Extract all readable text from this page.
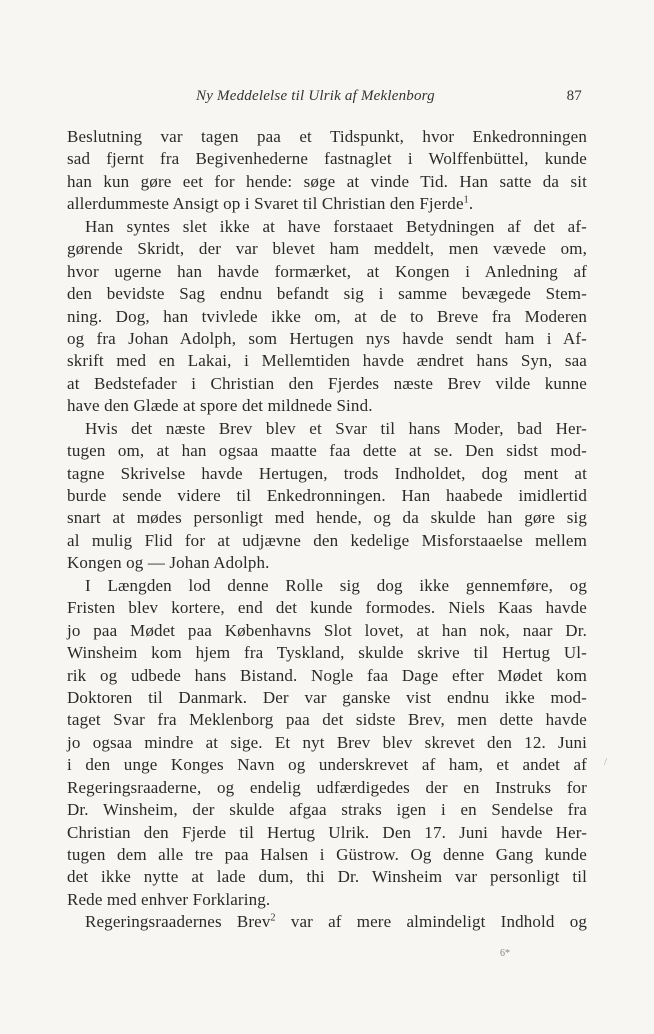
Ny Meddelelse til Ulrik af Meklenborg	87
Beslutning var tagen paa et Tidspunkt, hvor Enkedronningen
sad fjernt fra Begivenhederne fastnaglet i Wolffenbüttel, kunde
han kun gøre eet for hende: søge at vinde Tid. Han satte da sit
allerdummeste Ansigt op i Svaret til Christian den Fjerde$^1$.
Han syntes slet ikke at have forstaaet Betydningen af det af-
gørende Skridt, der var blevet ham meddelt, men vævede om,
hvor ugerne han havde formærket, at Kongen i Anledning af
den bevidste Sag endnu befandt sig i samme bevægede Stem-
ning. Dog, han tvivlede ikke om, at de to Breve fra Moderen
og fra Johan Adolph, som Hertugen nys havde sendt ham i Af-
skrift med en Lakai, i Mellemtiden havde ændret hans Syn, saa
at Bedstefader i Christian den Fjerdes næste Brev vilde kunne
have den Glæde at spore det mildnede Sind.
Hvis det næste Brev blev et Svar til hans Moder, bad Her-
tugen om, at han ogsaa maatte faa dette at se. Den sidst mod-
tagne Skrivelse havde Hertugen, trods Indholdet, dog ment at
burde sende videre til Enkedronningen. Han haabede imidlertid
snart at mødes personligt med hende, og da skulde han gøre sig
al mulig Flid for at udjævne den kedelige Misforstaaelse mellem
Kongen og — Johan Adolph.
I Længden lod denne Rolle sig dog ikke gennemføre, og
Fristen blev kortere, end det kunde formodes. Niels Kaas havde
jo paa Mødet paa Københavns Slot lovet, at han nok, naar Dr.
Winsheim kom hjem fra Tyskland, skulde skrive til Hertug Ul-
rik og udbede hans Bistand. Nogle faa Dage efter Mødet kom
Doktoren til Danmark. Der var ganske vist endnu ikke mod-
taget Svar fra Meklenborg paa det sidste Brev, men dette havde
jo ogsaa mindre at sige. Et nyt Brev blev skrevet den 12. Juni
i den unge Konges Navn og underskrevet af ham, et andet af
Regeringsraaderne, og endelig udfærdigedes der en Instruks for
Dr. Winsheim, der skulde afgaa straks igen i en Sendelse fra
Christian den Fjerde til Hertug Ulrik. Den 17. Juni havde Her-
tugen dem alle tre paa Halsen i Güstrow. Og denne Gang kunde
det ikke nytte at lade dum, thi Dr. Winsheim var personligt til
Rede med enhver Forklaring.
Regeringsraadernes Brev$^2$ var af mere almindeligt Indhold og
/
6*
